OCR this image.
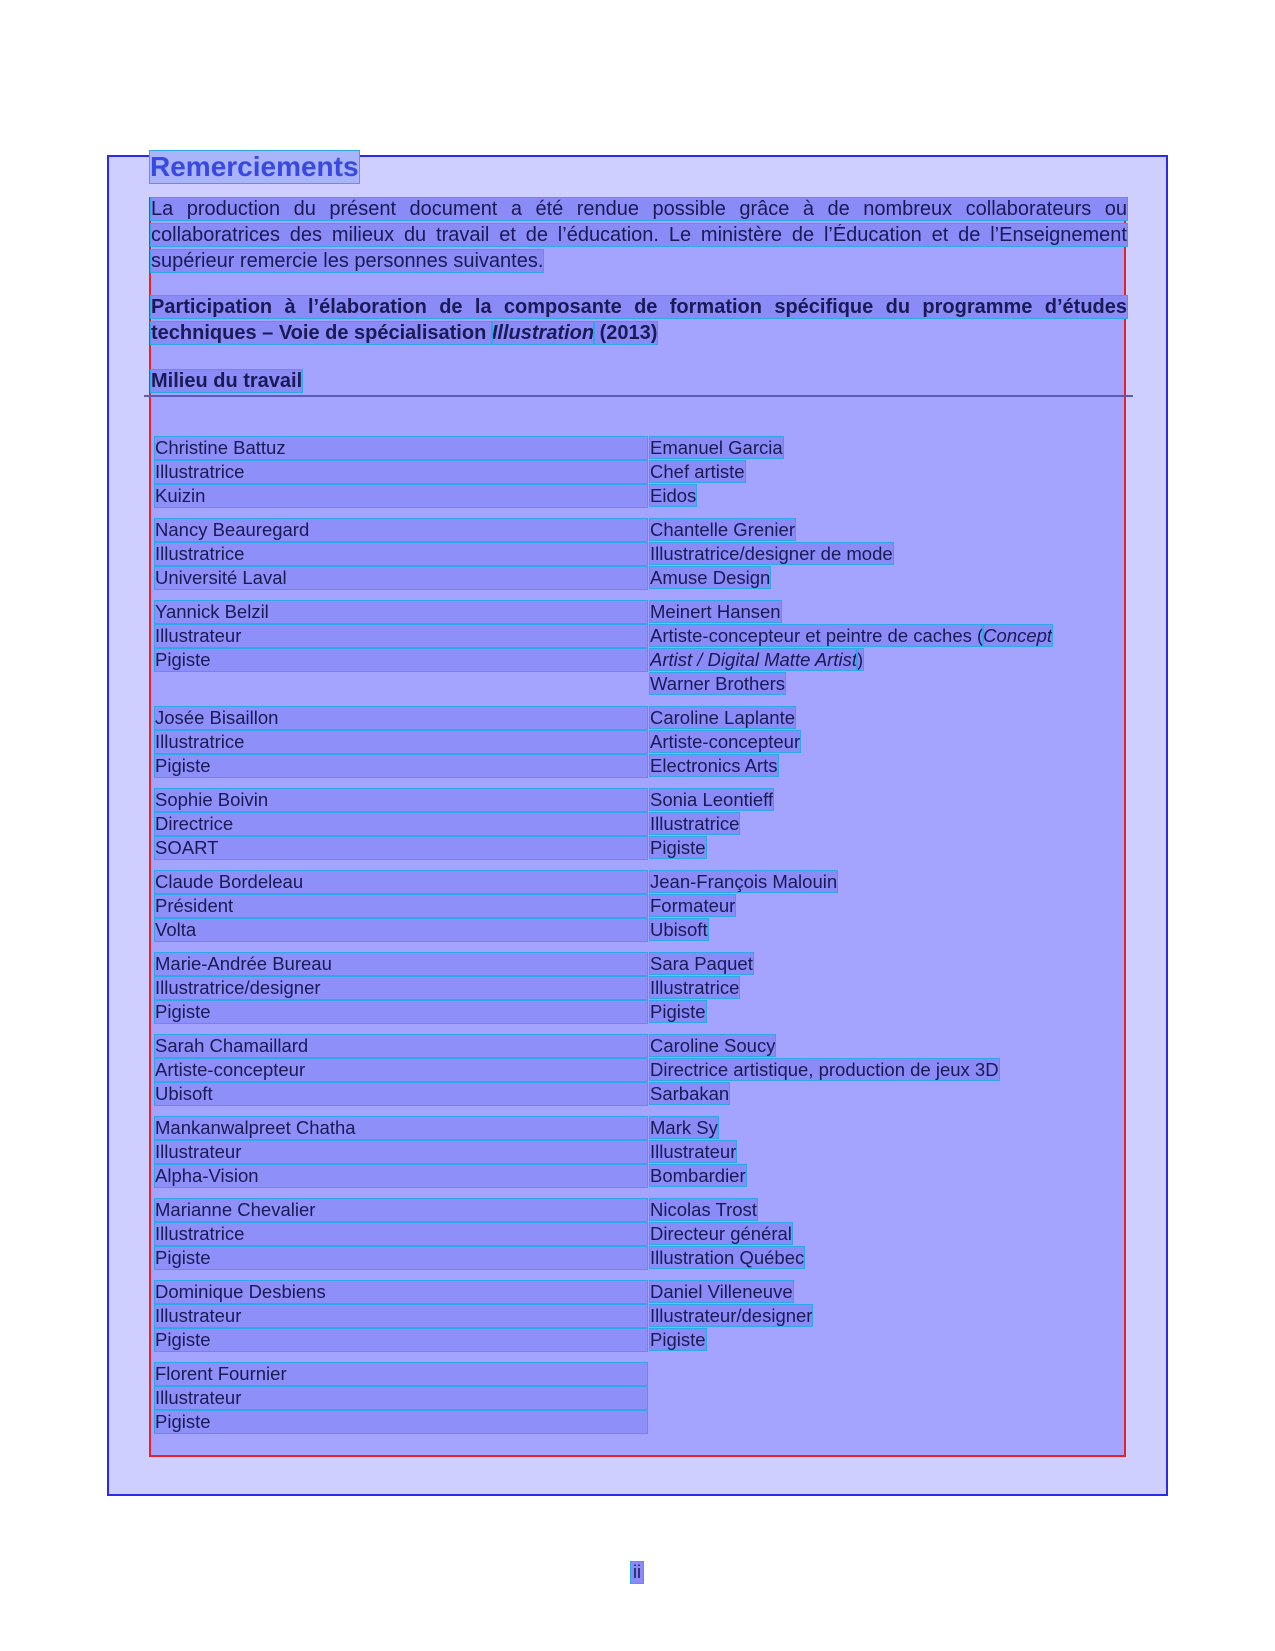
Remerciements

La production du présent document a été rendue possible grâce à de nombreux collaborateurs ou collaboratrices des milieux du travail et de l’éducation. Le ministère de l’Éducation et de l’Enseignement supérieur remercie les personnes suivantes.

Participation à l’élaboration de la composante de formation spécifique du programme d’études techniques – Voie de spécialisation Illustration (2013)

Milieu du travail

Christine Battuz
Illustratrice
Kuizin
Nancy Beauregard
Illustratrice
Université Laval
Yannick Belzil
Illustrateur
Pigiste
Josée Bisaillon
Illustratrice
Pigiste
Sophie Boivin
Directrice
SOART
Claude Bordeleau
Président
Volta
Marie-Andrée Bureau
Illustratrice/designer
Pigiste
Sarah Chamaillard
Artiste-concepteur
Ubisoft
Mankanwalpreet Chatha
Illustrateur
Alpha-Vision
Marianne Chevalier
Illustratrice
Pigiste
Dominique Desbiens
Illustrateur
Pigiste
Florent Fournier
Illustrateur
Pigiste
Emanuel Garcia
Chef artiste
Eidos
Chantelle Grenier
Illustratrice/designer de mode
Amuse Design
Meinert Hansen
Artiste-concepteur et peintre de caches (Concept
Artist / Digital Matte Artist)
Warner Brothers
Caroline Laplante
Artiste-concepteur
Electronics Arts
Sonia Leontieff
Illustratrice
Pigiste
Jean-François Malouin
Formateur
Ubisoft
Sara Paquet
Illustratrice
Pigiste
Caroline Soucy
Directrice artistique, production de jeux 3D
Sarbakan
Mark Sy
Illustrateur
Bombardier
Nicolas Trost
Directeur général
Illustration Québec
Daniel Villeneuve
Illustrateur/designer
Pigiste
ii
